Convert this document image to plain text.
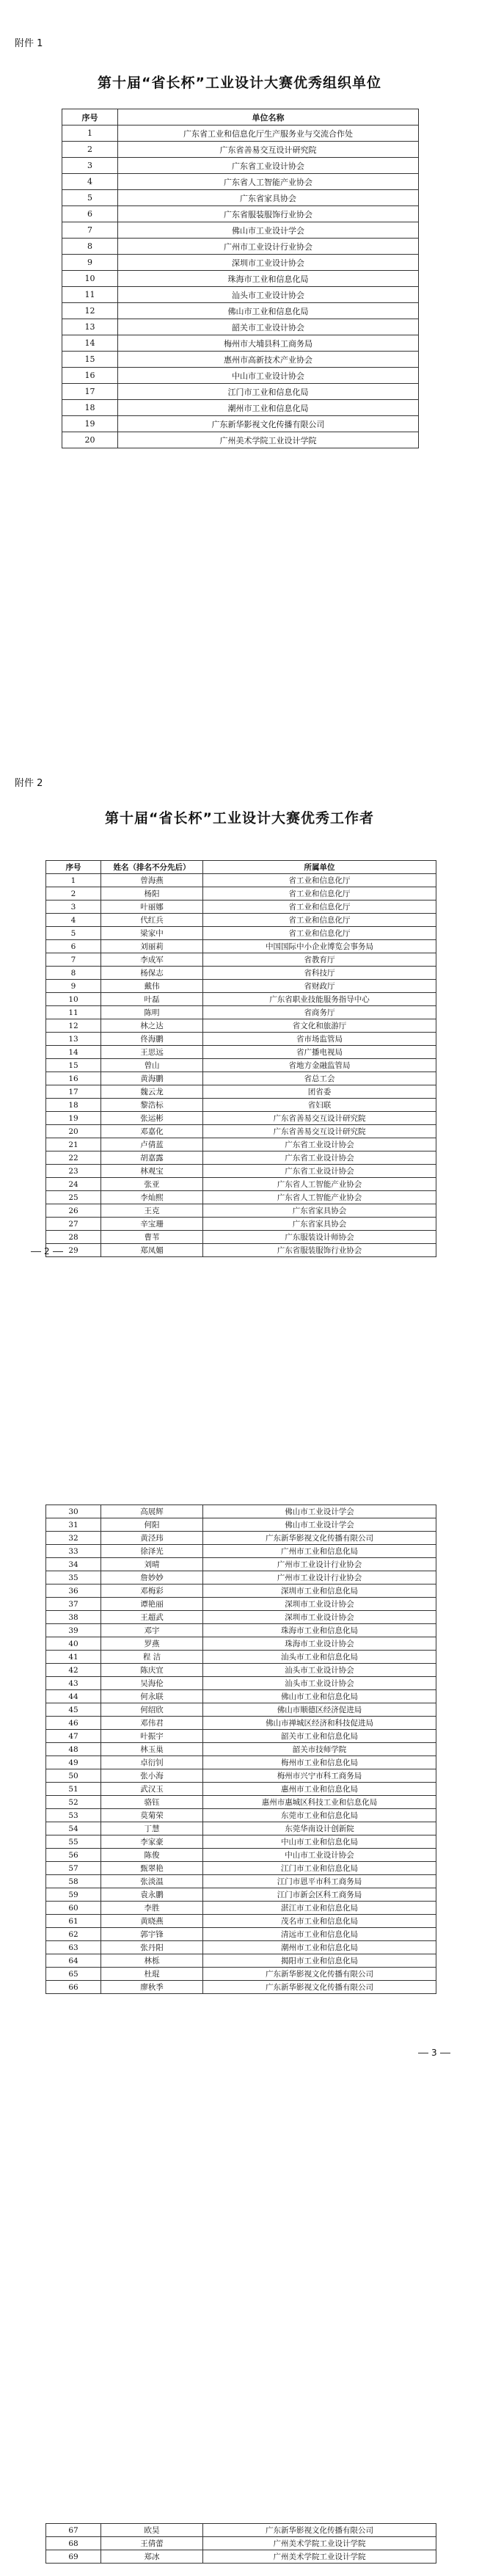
附件 1
第十届“省长杯”工业设计大赛优秀组织单位
序号	单位名称
1	广东省工业和信息化厅生产服务业与交流合作处
2	广东省善易交互设计研究院
3	广东省工业设计协会
4	广东省人工智能产业协会
5	广东省家具协会
6	广东省服装服饰行业协会
7	佛山市工业设计学会
8	广州市工业设计行业协会
9	深圳市工业设计协会
10	珠海市工业和信息化局
11	汕头市工业设计协会
12	佛山市工业和信息化局
13	韶关市工业设计协会
14	梅州市大埔县科工商务局
15	惠州市高新技术产业协会
16	中山市工业设计协会
17	江门市工业和信息化局
18	潮州市工业和信息化局
19	广东新华影视文化传播有限公司
20	广州美术学院工业设计学院
附件 2
第十届“省长杯”工业设计大赛优秀工作者
序号	姓名（排名不分先后）	所属单位
1	曾海燕	省工业和信息化厅
2	杨阳	省工业和信息化厅
3	叶丽娜	省工业和信息化厅
4	代红兵	省工业和信息化厅
5	梁家中	省工业和信息化厅
6	刘丽莉	中国国际中小企业博览会事务局
7	李成军	省教育厅
8	杨保志	省科技厅
9	戴伟	省财政厅
10	叶磊	广东省职业技能服务指导中心
11	陈明	省商务厅
12	林之达	省文化和旅游厅
13	佟海鹏	省市场监管局
14	王思远	省广播电视局
15	曾山	省地方金融监管局
16	黄海鹏	省总工会
17	魏云龙	团省委
18	黎浩标	省妇联
19	张运彬	广东省善易交互设计研究院
20	邓嘉化	广东省善易交互设计研究院
21	卢倩蓝	广东省工业设计协会
22	胡嘉露	广东省工业设计协会
23	林观宝	广东省工业设计协会
24	张亚	广东省人工智能产业协会
25	李灿熙	广东省人工智能产业协会
26	王克	广东省家具协会
27	辛宝珊	广东省家具协会
28	曹苇	广东服装设计师协会
29	郑凤媚	广东省服装服饰行业协会
2
30	高展辉	佛山市工业设计学会
31	何阳	佛山市工业设计学会
32	黄泾玮	广东新华影视文化传播有限公司
33	徐泽光	广州市工业和信息化局
34	刘晴	广州市工业设计行业协会
35	詹妙妙	广州市工业设计行业协会
36	邓梅彩	深圳市工业和信息化局
37	谭艳丽	深圳市工业设计协会
38	王超武	深圳市工业设计协会
39	邓宇	珠海市工业和信息化局
40	罗燕	珠海市工业设计协会
41	程 洁	汕头市工业和信息化局
42	陈庆宜	汕头市工业设计协会
43	吴海伦	汕头市工业设计协会
44	何永联	佛山市工业和信息化局
45	何绍欣	佛山市顺德区经济促进局
46	邓伟君	佛山市禅城区经济和科技促进局
47	叶振宇	韶关市工业和信息化局
48	林玉巢	韶关市技师学院
49	卓衍钊	梅州市工业和信息化局
50	张小海	梅州市兴宁市科工商务局
51	武汉玉	惠州市工业和信息化局
52	骆钰	惠州市惠城区科技工业和信息化局
53	莫菊荣	东莞市工业和信息化局
54	丁慧	东莞华南设计创新院
55	李家豪	中山市工业和信息化局
56	陈俊	中山市工业设计协会
57	甄翠艳	江门市工业和信息化局
58	张淡温	江门市恩平市科工商务局
59	袁永鹏	江门市新会区科工商务局
60	李胜	湛江市工业和信息化局
61	黄晓燕	茂名市工业和信息化局
62	郭宇锋	清远市工业和信息化局
63	张丹阳	潮州市工业和信息化局
64	林栎	揭阳市工业和信息化局
65	杜琨	广东新华影视文化传播有限公司
66	廖秋季	广东新华影视文化传播有限公司
3
67	欧昊	广东新华影视文化传播有限公司
68	王倩蕾	广州美术学院工业设计学院
69	郑冰	广州美术学院工业设计学院
